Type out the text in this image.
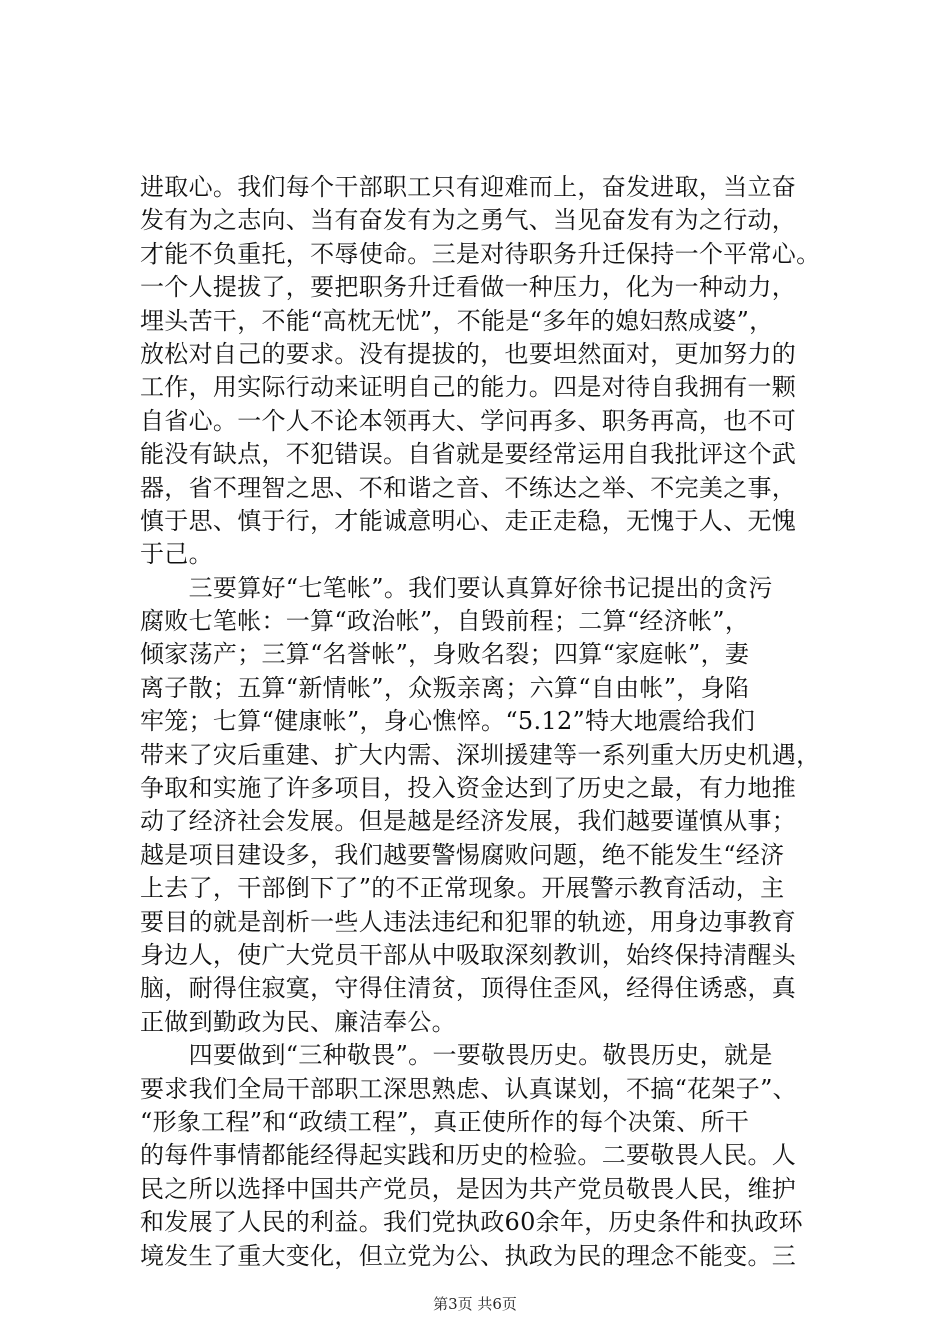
进取心。我们每个干部职工只有迎难而上，奋发进取，当立奋
发有为之志向、当有奋发有为之勇气、当见奋发有为之行动，
才能不负重托，不辱使命。三是对待职务升迁保持一个平常心。
一个人提拔了，要把职务升迁看做一种压力，化为一种动力，
埋头苦干，不能“高枕无忧”，不能是“多年的媳妇熬成婆”，
放松对自己的要求。没有提拔的，也要坦然面对，更加努力的
工作，用实际行动来证明自己的能力。四是对待自我拥有一颗
自省心。一个人不论本领再大、学问再多、职务再高，也不可
能没有缺点，不犯错误。自省就是要经常运用自我批评这个武
器，省不理智之思、不和谐之音、不练达之举、不完美之事，
慎于思、慎于行，才能诚意明心、走正走稳，无愧于人、无愧
于己。
　　三要算好“七笔帐”。我们要认真算好徐书记提出的贪污
腐败七笔帐：一算“政治帐”，自毁前程；二算“经济帐”，
倾家荡产；三算“名誉帐”，身败名裂；四算“家庭帐”，妻
离子散；五算“新情帐”，众叛亲离；六算“自由帐”，身陷
牢笼；七算“健康帐”，身心憔悴。“5.12”特大地震给我们
带来了灾后重建、扩大内需、深圳援建等一系列重大历史机遇，
争取和实施了许多项目，投入资金达到了历史之最，有力地推
动了经济社会发展。但是越是经济发展，我们越要谨慎从事；
越是项目建设多，我们越要警惕腐败问题，绝不能发生“经济
上去了，干部倒下了”的不正常现象。开展警示教育活动，主
要目的就是剖析一些人违法违纪和犯罪的轨迹，用身边事教育
身边人，使广大党员干部从中吸取深刻教训，始终保持清醒头
脑，耐得住寂寞，守得住清贫，顶得住歪风，经得住诱惑，真
正做到勤政为民、廉洁奉公。
　　四要做到“三种敬畏”。一要敬畏历史。敬畏历史，就是
要求我们全局干部职工深思熟虑、认真谋划，不搞“花架子”、
“形象工程”和“政绩工程”，真正使所作的每个决策、所干
的每件事情都能经得起实践和历史的检验。二要敬畏人民。人
民之所以选择中国共产党员，是因为共产党员敬畏人民，维护
和发展了人民的利益。我们党执政60余年，历史条件和执政环
境发生了重大变化，但立党为公、执政为民的理念不能变。三
第3页 共6页
